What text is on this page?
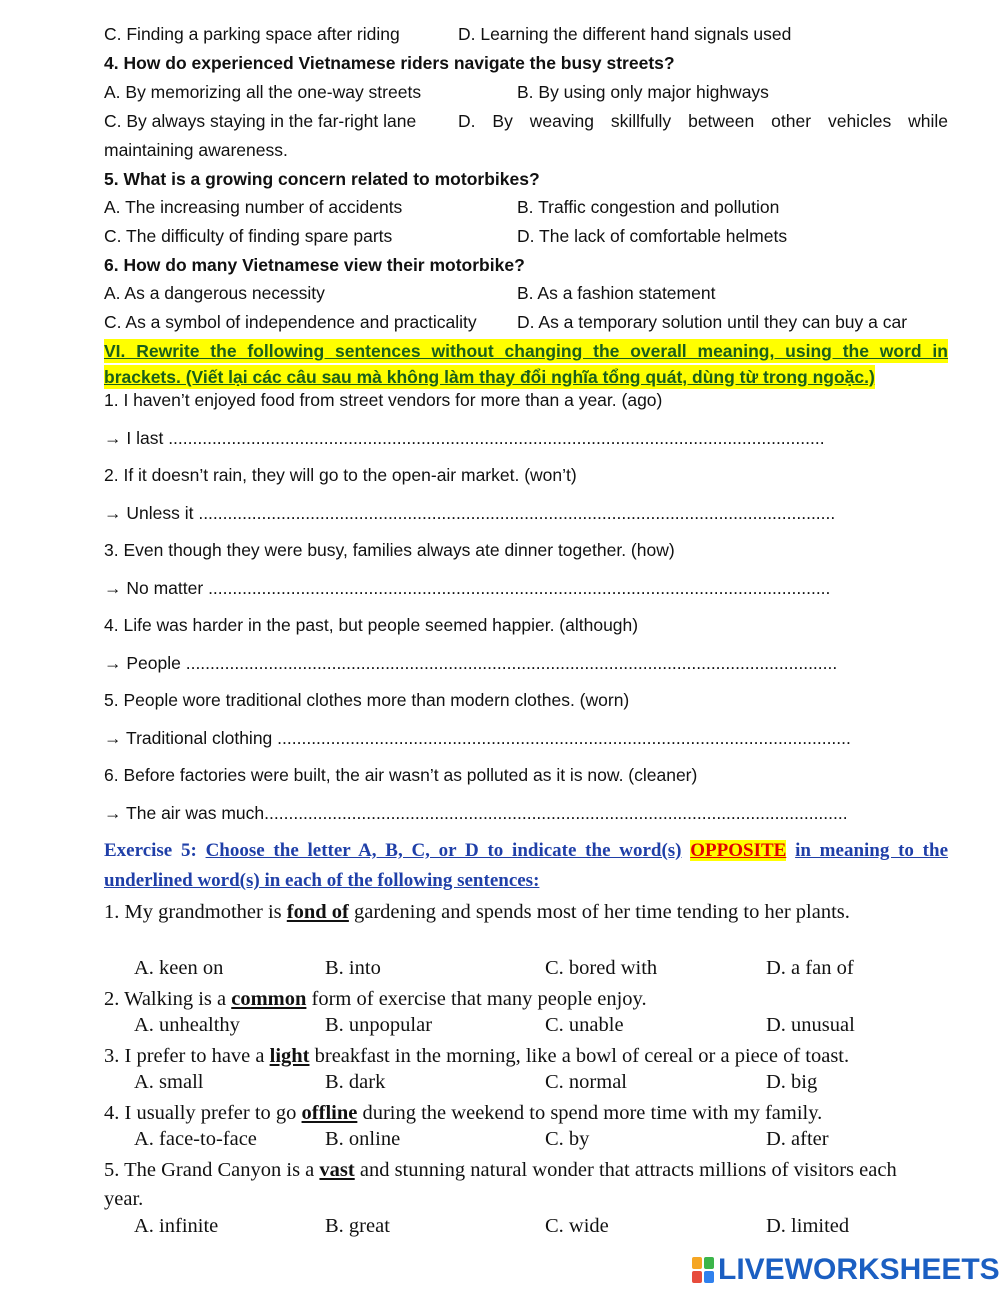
C. Finding a parking space after riding	D. Learning the different hand signals used
4. How do experienced Vietnamese riders navigate the busy streets?
A. By memorizing all the one-way streets	B. By using only major highways
C. By always staying in the far-right lane D. By weaving skillfully between other vehicles while
maintaining awareness.
5. What is a growing concern related to motorbikes?
A. The increasing number of accidents	B. Traffic congestion and pollution
C. The difficulty of finding spare parts	D. The lack of comfortable helmets
6. How do many Vietnamese view their motorbike?
A. As a dangerous necessity	B. As a fashion statement
C. As a symbol of independence and practicality D. As a temporary solution until they can buy a car
VI. Rewrite the following sentences without changing the overall meaning, using the word in
brackets. (Viết lại các câu sau mà không làm thay đổi nghĩa tổng quát, dùng từ trong ngoặc.)
1. I haven’t enjoyed food from street vendors for more than a year. (ago)
→ I last .......................................................................................................................................
2. If it doesn’t rain, they will go to the open-air market. (won’t)
→ Unless it ...................................................................................................................................
3. Even though they were busy, families always ate dinner together. (how)
→ No matter ................................................................................................................................
4. Life was harder in the past, but people seemed happier. (although)
→ People ......................................................................................................................................
5. People wore traditional clothes more than modern clothes. (worn)
→ Traditional clothing ......................................................................................................................
6. Before factories were built, the air wasn’t as polluted as it is now. (cleaner)
→ The air was much........................................................................................................................
Exercise 5: Choose the letter A, B, C, or D to indicate the word(s) OPPOSITE in meaning to the
underlined word(s) in each of the following sentences:
1. My grandmother is fond of gardening and spends most of her time tending to her plants.
A. keen on	B. into	C. bored with	D. a fan of
2. Walking is a common form of exercise that many people enjoy.
A. unhealthy	B. unpopular	C. unable	D. unusual
3. I prefer to have a light breakfast in the morning, like a bowl of cereal or a piece of toast.
A. small	B. dark	C. normal	D. big
4. I usually prefer to go offline during the weekend to spend more time with my family.
A. face-to-face	B. online	C. by	D. after
5. The Grand Canyon is a vast and stunning natural wonder that attracts millions of visitors each year.
A. infinite	B. great	C. wide	D. limited
LIVEWORKSHEETS
